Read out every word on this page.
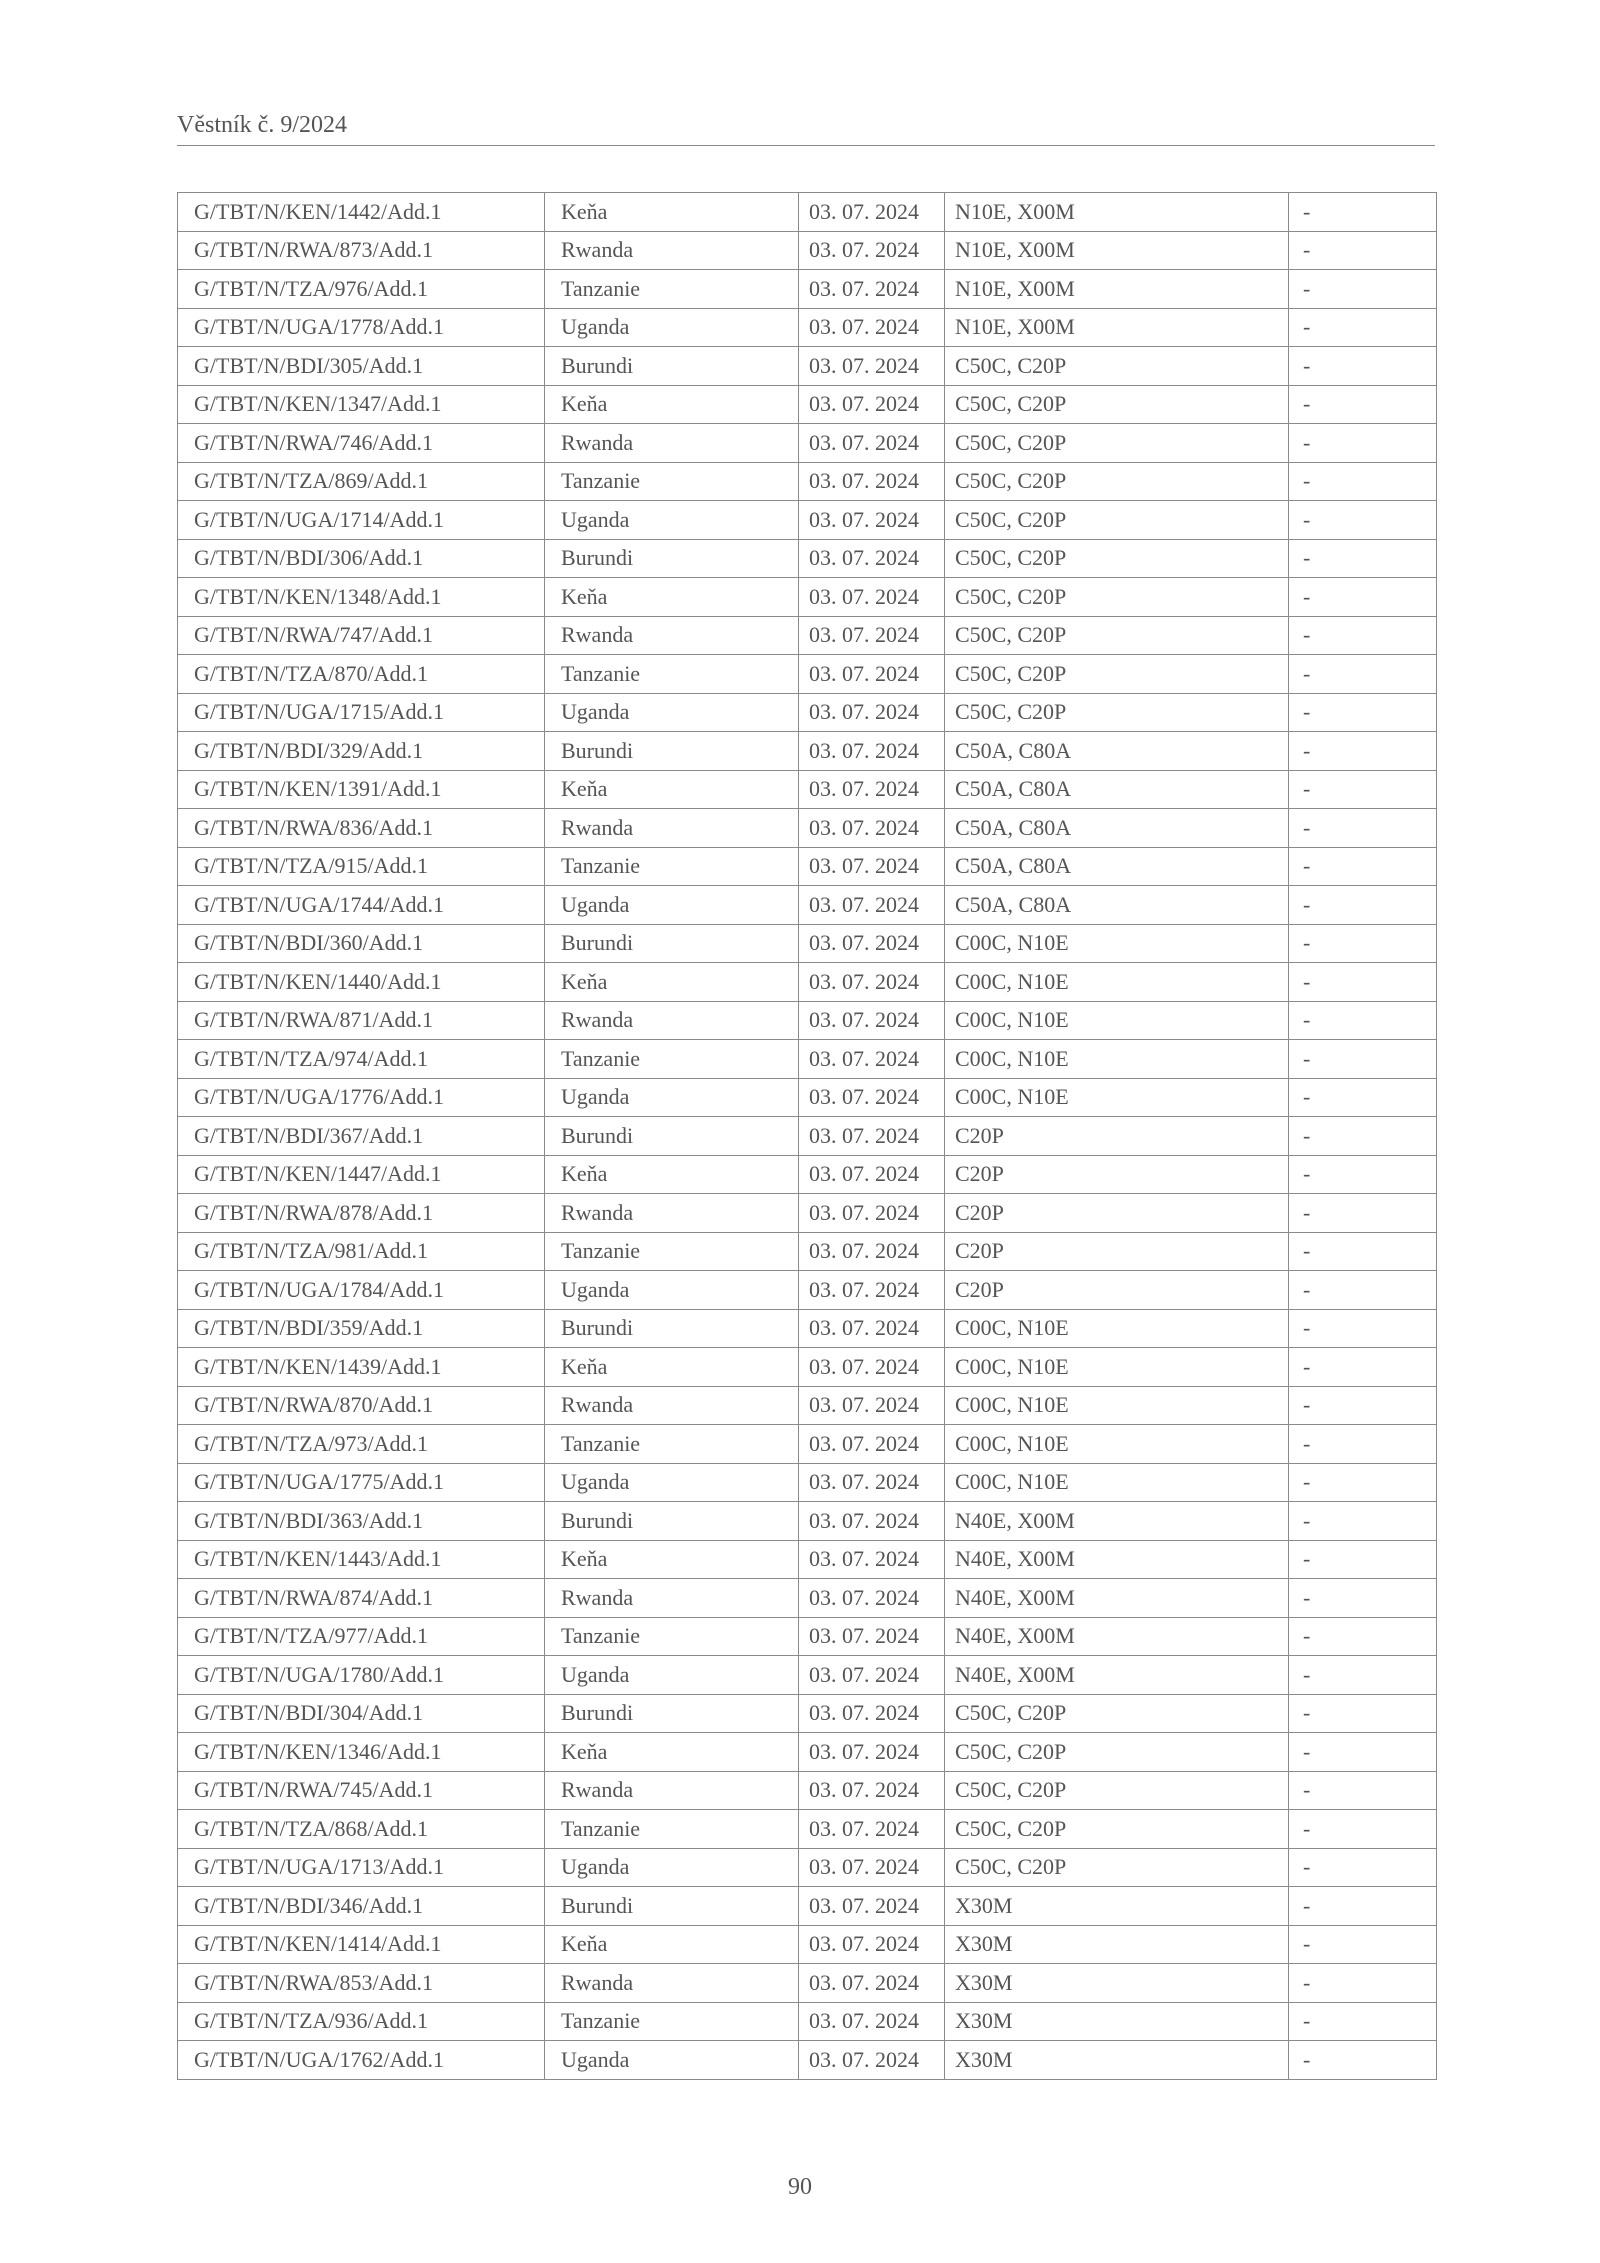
Věstník č. 9/2024
G/TBT/N/KEN/1442/Add.1	Keňa	03. 07. 2024	N10E, X00M	-
G/TBT/N/RWA/873/Add.1	Rwanda	03. 07. 2024	N10E, X00M	-
G/TBT/N/TZA/976/Add.1	Tanzanie	03. 07. 2024	N10E, X00M	-
G/TBT/N/UGA/1778/Add.1	Uganda	03. 07. 2024	N10E, X00M	-
G/TBT/N/BDI/305/Add.1	Burundi	03. 07. 2024	C50C, C20P	-
G/TBT/N/KEN/1347/Add.1	Keňa	03. 07. 2024	C50C, C20P	-
G/TBT/N/RWA/746/Add.1	Rwanda	03. 07. 2024	C50C, C20P	-
G/TBT/N/TZA/869/Add.1	Tanzanie	03. 07. 2024	C50C, C20P	-
G/TBT/N/UGA/1714/Add.1	Uganda	03. 07. 2024	C50C, C20P	-
G/TBT/N/BDI/306/Add.1	Burundi	03. 07. 2024	C50C, C20P	-
G/TBT/N/KEN/1348/Add.1	Keňa	03. 07. 2024	C50C, C20P	-
G/TBT/N/RWA/747/Add.1	Rwanda	03. 07. 2024	C50C, C20P	-
G/TBT/N/TZA/870/Add.1	Tanzanie	03. 07. 2024	C50C, C20P	-
G/TBT/N/UGA/1715/Add.1	Uganda	03. 07. 2024	C50C, C20P	-
G/TBT/N/BDI/329/Add.1	Burundi	03. 07. 2024	C50A, C80A	-
G/TBT/N/KEN/1391/Add.1	Keňa	03. 07. 2024	C50A, C80A	-
G/TBT/N/RWA/836/Add.1	Rwanda	03. 07. 2024	C50A, C80A	-
G/TBT/N/TZA/915/Add.1	Tanzanie	03. 07. 2024	C50A, C80A	-
G/TBT/N/UGA/1744/Add.1	Uganda	03. 07. 2024	C50A, C80A	-
G/TBT/N/BDI/360/Add.1	Burundi	03. 07. 2024	C00C, N10E	-
G/TBT/N/KEN/1440/Add.1	Keňa	03. 07. 2024	C00C, N10E	-
G/TBT/N/RWA/871/Add.1	Rwanda	03. 07. 2024	C00C, N10E	-
G/TBT/N/TZA/974/Add.1	Tanzanie	03. 07. 2024	C00C, N10E	-
G/TBT/N/UGA/1776/Add.1	Uganda	03. 07. 2024	C00C, N10E	-
G/TBT/N/BDI/367/Add.1	Burundi	03. 07. 2024	C20P	-
G/TBT/N/KEN/1447/Add.1	Keňa	03. 07. 2024	C20P	-
G/TBT/N/RWA/878/Add.1	Rwanda	03. 07. 2024	C20P	-
G/TBT/N/TZA/981/Add.1	Tanzanie	03. 07. 2024	C20P	-
G/TBT/N/UGA/1784/Add.1	Uganda	03. 07. 2024	C20P	-
G/TBT/N/BDI/359/Add.1	Burundi	03. 07. 2024	C00C, N10E	-
G/TBT/N/KEN/1439/Add.1	Keňa	03. 07. 2024	C00C, N10E	-
G/TBT/N/RWA/870/Add.1	Rwanda	03. 07. 2024	C00C, N10E	-
G/TBT/N/TZA/973/Add.1	Tanzanie	03. 07. 2024	C00C, N10E	-
G/TBT/N/UGA/1775/Add.1	Uganda	03. 07. 2024	C00C, N10E	-
G/TBT/N/BDI/363/Add.1	Burundi	03. 07. 2024	N40E, X00M	-
G/TBT/N/KEN/1443/Add.1	Keňa	03. 07. 2024	N40E, X00M	-
G/TBT/N/RWA/874/Add.1	Rwanda	03. 07. 2024	N40E, X00M	-
G/TBT/N/TZA/977/Add.1	Tanzanie	03. 07. 2024	N40E, X00M	-
G/TBT/N/UGA/1780/Add.1	Uganda	03. 07. 2024	N40E, X00M	-
G/TBT/N/BDI/304/Add.1	Burundi	03. 07. 2024	C50C, C20P	-
G/TBT/N/KEN/1346/Add.1	Keňa	03. 07. 2024	C50C, C20P	-
G/TBT/N/RWA/745/Add.1	Rwanda	03. 07. 2024	C50C, C20P	-
G/TBT/N/TZA/868/Add.1	Tanzanie	03. 07. 2024	C50C, C20P	-
G/TBT/N/UGA/1713/Add.1	Uganda	03. 07. 2024	C50C, C20P	-
G/TBT/N/BDI/346/Add.1	Burundi	03. 07. 2024	X30M	-
G/TBT/N/KEN/1414/Add.1	Keňa	03. 07. 2024	X30M	-
G/TBT/N/RWA/853/Add.1	Rwanda	03. 07. 2024	X30M	-
G/TBT/N/TZA/936/Add.1	Tanzanie	03. 07. 2024	X30M	-
G/TBT/N/UGA/1762/Add.1	Uganda	03. 07. 2024	X30M	-
90
